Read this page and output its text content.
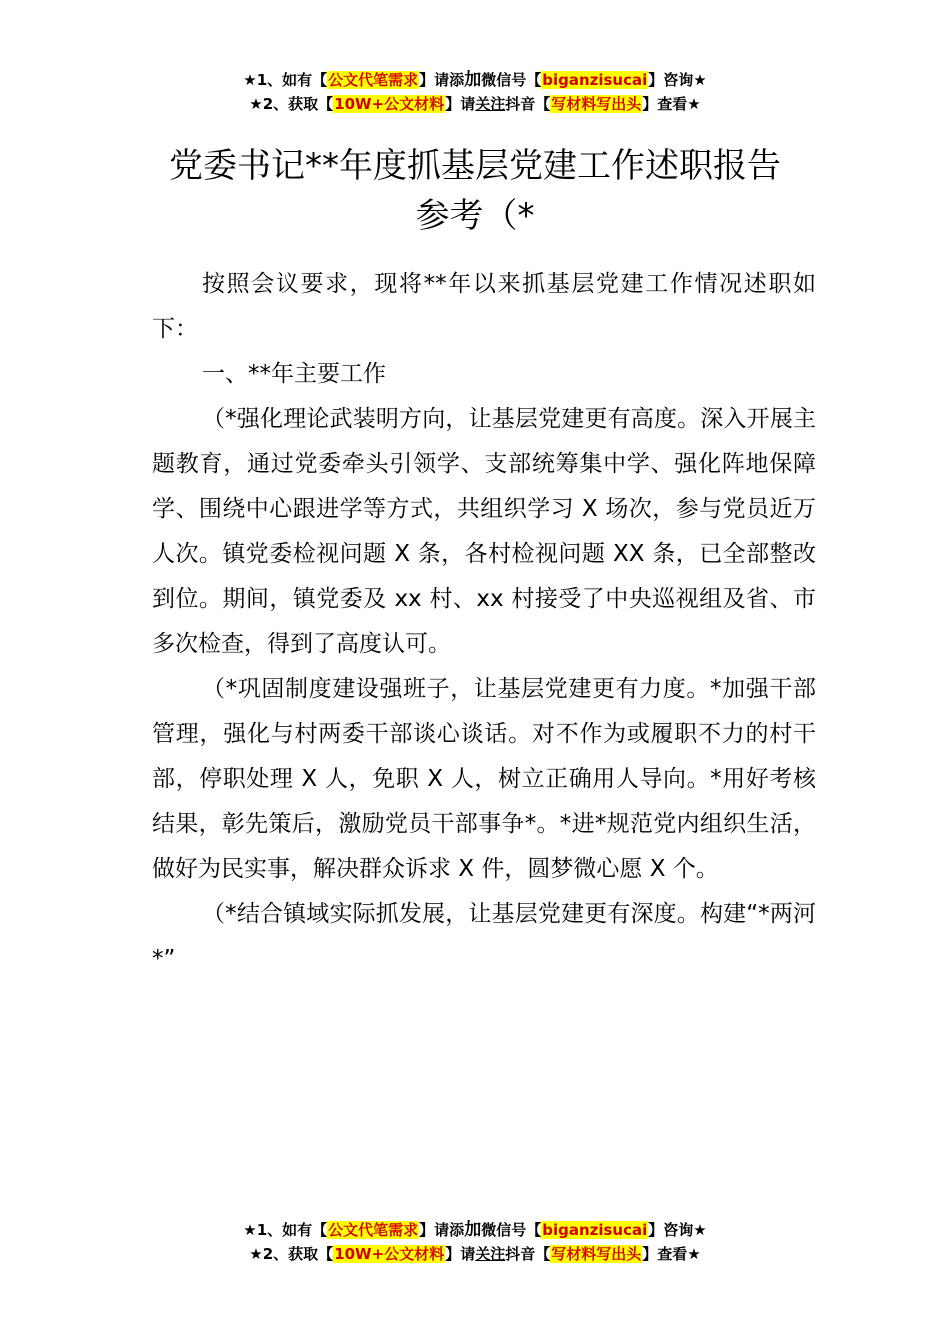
★1、如有【公文代笔需求】请添加微信号【biganzisucai】咨询★
★2、获取【10W+公文材料】请关注抖音【写材料写出头】查看★
党委书记**年度抓基层党建工作述职报告
参考（*

按照会议要求，现将**年以来抓基层党建工作情况述职如下：

一、**年主要工作

（*强化理论武装明方向，让基层党建更有高度。深入开展主题教育，通过党委牵头引领学、支部统筹集中学、强化阵地保障学、围绕中心跟进学等方式，共组织学习 X 场次，参与党员近万人次。镇党委检视问题 X 条，各村检视问题 XX 条，已全部整改到位。期间，镇党委及 xx 村、xx 村接受了中央巡视组及省、市多次检查，得到了高度认可。

（*巩固制度建设强班子，让基层党建更有力度。*加强干部管理，强化与村两委干部谈心谈话。对不作为或履职不力的村干部，停职处理 X 人，免职 X 人，树立正确用人导向。*用好考核结果，彰先策后，激励党员干部事争*。*进*规范党内组织生活，做好为民实事，解决群众诉求 X 件，圆梦微心愿 X 个。

（*结合镇域实际抓发展，让基层党建更有深度。构建“*两河*”

★1、如有【公文代笔需求】请添加微信号【biganzisucai】咨询★
★2、获取【10W+公文材料】请关注抖音【写材料写出头】查看★
